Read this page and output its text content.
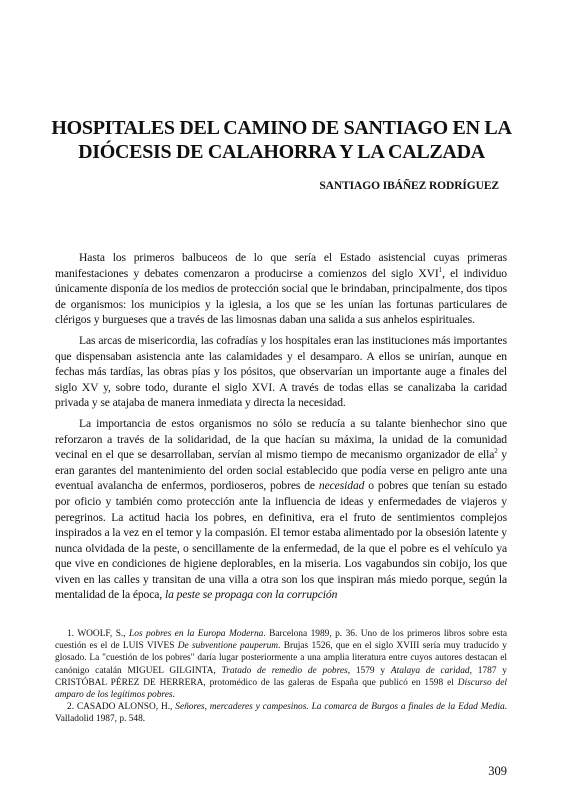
HOSPITALES DEL CAMINO DE SANTIAGO EN LA DIÓCESIS DE CALAHORRA Y LA CALZADA
SANTIAGO IBÁÑEZ RODRÍGUEZ

Hasta los primeros balbuceos de lo que sería el Estado asistencial cuyas primeras manifestaciones y debates comenzaron a producirse a comienzos del siglo XVI$^1$, el individuo únicamente disponía de los medios de protección social que le brindaban, principalmente, dos tipos de organismos: los municipios y la iglesia, a los que se les unían las fortunas particulares de clérigos y burgueses que a través de las limosnas daban una salida a sus anhelos espirituales.

Las arcas de misericordia, las cofradías y los hospitales eran las instituciones más importantes que dispensaban asistencia ante las calamidades y el desamparo. A ellos se unirían, aunque en fechas más tardías, las obras pías y los pósitos, que observarían un importante auge a finales del siglo XV y, sobre todo, durante el siglo XVI. A través de todas ellas se canalizaba la caridad privada y se atajaba de manera inmediata y directa la necesidad.

La importancia de estos organismos no sólo se reducía a su talante bienhechor sino que reforzaron a través de la solidaridad, de la que hacían su máxima, la unidad de la comunidad vecinal en el que se desarrollaban, servían al mismo tiempo de mecanismo organizador de ella$^2$ y eran garantes del mantenimiento del orden social establecido que podía verse en peligro ante una eventual avalancha de enfermos, pordioseros, pobres de necesidad o pobres que tenían su estado por oficio y también como protección ante la influencia de ideas y enfermedades de viajeros y peregrinos. La actitud hacia los pobres, en definitiva, era el fruto de sentimientos complejos inspirados a la vez en el temor y la compasión. El temor estaba alimentado por la obsesión latente y nunca olvidada de la peste, o sencillamente de la enfermedad, de la que el pobre es el vehículo ya que vive en condiciones de higiene deplorables, en la miseria. Los vagabundos sin cobijo, los que viven en las calles y transitan de una villa a otra son los que inspiran más miedo porque, según la mentalidad de la época, la peste se propaga con la corrupción

1. WOOLF, S., Los pobres en la Europa Moderna. Barcelona 1989, p. 36. Uno de los primeros libros sobre esta cuestión es el de LUIS VIVES De subventione pauperum. Brujas 1526, que en el siglo XVIII sería muy traducido y glosado. La "cuestión de los pobres" daría lugar posteriormente a una amplia literatura entre cuyos autores destacan el canónigo catalán MIGUEL GILGINTA, Tratado de remedio de pobres, 1579 y Atalaya de caridad, 1787 y CRISTÓBAL PÉREZ DE HERRERA, protomédico de las galeras de España que publicó en 1598 el Discurso del amparo de los legítimos pobres.

2. CASADO ALONSO, H., Señores, mercaderes y campesinos. La comarca de Burgos a finales de la Edad Media. Valladolid 1987, p. 548.

309
